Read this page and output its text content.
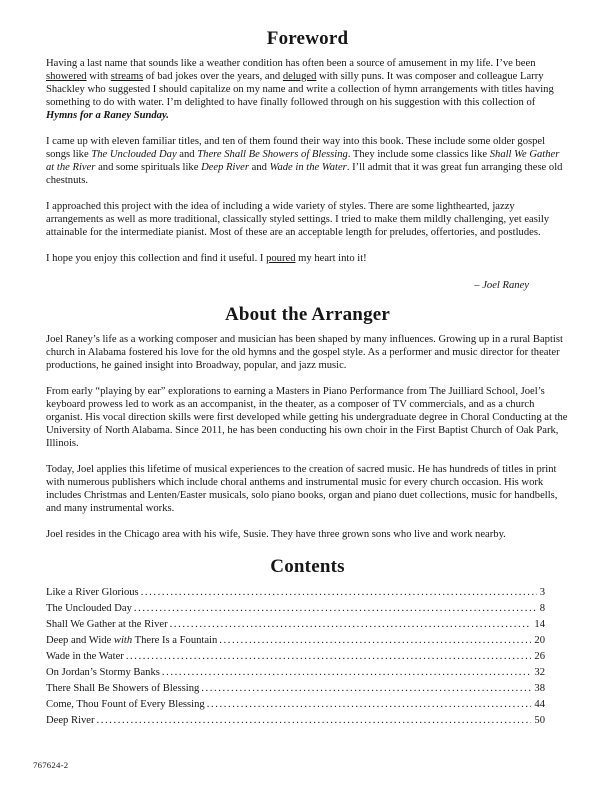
Foreword

Having a last name that sounds like a weather condition has often been a source of amusement in my life. I’ve been showered with streams of bad jokes over the years, and deluged with silly puns. It was composer and colleague Larry Shackley who suggested I should capitalize on my name and write a collection of hymn arrangements with titles having something to do with water. I’m delighted to have finally followed through on his suggestion with this collection of Hymns for a Raney Sunday.

I came up with eleven familiar titles, and ten of them found their way into this book. These include some older gospel songs like The Unclouded Day and There Shall Be Showers of Blessing. They include some classics like Shall We Gather at the River and some spirituals like Deep River and Wade in the Water. I’ll admit that it was great fun arranging these old chestnuts.

I approached this project with the idea of including a wide variety of styles. There are some lighthearted, jazzy arrangements as well as more traditional, classically styled settings. I tried to make them mildly challenging, yet easily attainable for the intermediate pianist. Most of these are an acceptable length for preludes, offertories, and postludes.

I hope you enjoy this collection and find it useful. I poured my heart into it!

– Joel Raney

About the Arranger

Joel Raney’s life as a working composer and musician has been shaped by many influences. Growing up in a rural Baptist church in Alabama fostered his love for the old hymns and the gospel style. As a performer and music director for theater productions, he gained insight into Broadway, popular, and jazz music.

From early “playing by ear” explorations to earning a Masters in Piano Performance from The Juilliard School, Joel’s keyboard prowess led to work as an accompanist, in the theater, as a composer of TV commercials, and as a church organist. His vocal direction skills were first developed while getting his undergraduate degree in Choral Conducting at the University of North Alabama. Since 2011, he has been conducting his own choir in the First Baptist Church of Oak Park, Illinois.

Today, Joel applies this lifetime of musical experiences to the creation of sacred music. He has hundreds of titles in print with numerous publishers which include choral anthems and instrumental music for every church occasion. His work includes Christmas and Lenten/Easter musicals, solo piano books, organ and piano duet collections, music for handbells, and many instrumental works.

Joel resides in the Chicago area with his wife, Susie. They have three grown sons who live and work nearby.

Contents
Like a River Glorious .....	3
The Unclouded Day .....	8
Shall We Gather at the River .....	14
Deep and Wide with There Is a Fountain .....	20
Wade in the Water .....	26
On Jordan’s Stormy Banks .....	32
There Shall Be Showers of Blessing .....	38
Come, Thou Fount of Every Blessing .....	44
Deep River .....	50
767624-2
